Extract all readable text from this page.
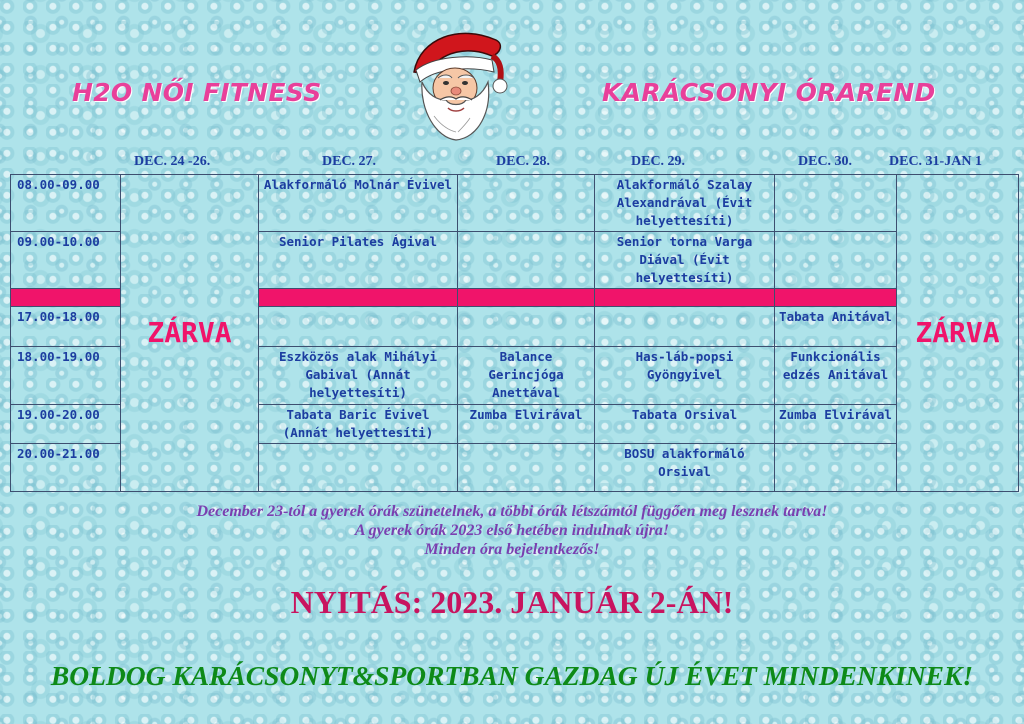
H2O NŐI FITNESS	KARÁCSONYI ÓRAREND
DEC. 24 -26.	DEC. 27.	DEC. 28.	DEC. 29.	DEC. 30.	DEC. 31-JAN 1
08.00-09.00	ZÁRVA	Alakformáló Molnár Évivel		Alakformáló Szalay Alexandrával (Évit helyettesíti)		ZÁRVA
09.00-10.00		Senior Pilates Ágival		Senior torna Varga Diával (Évit helyettesíti)		

17.00-18.00					Tabata Anitával	
18.00-19.00		Eszközös alak Mihályi Gabival (Annát helyettesíti)	Balance Gerincjóga Anettával	Has-láb-popsi Gyöngyivel	Funkcionális edzés Anitával	
19.00-20.00		Tabata Baric Évivel (Annát helyettesíti)	Zumba Elvirával	Tabata Orsival	Zumba Elvirával	
20.00-21.00				BOSU alakformáló Orsival		
December 23-tól a gyerek órák szünetelnek, a többi órák létszámtól függően meg lesznek tartva!
A gyerek órák 2023 első hetében indulnak újra!
Minden óra bejelentkezős!
NYITÁS: 2023. JANUÁR 2-ÁN!
BOLDOG KARÁCSONYT&SPORTBAN GAZDAG ÚJ ÉVET MINDENKINEK!
